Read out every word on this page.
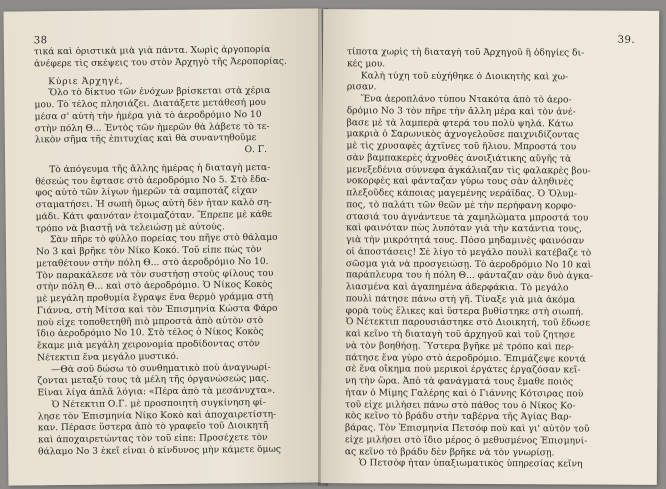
38
τικά καὶ ὁριστικὰ μιὰ γιὰ πάντα. Χωρὶς ἀργοπορία
ἀνέφερε τὶς σκέψεις του στὸν Ἀρχηγὸ τῆς Ἀεροπορίας.
Κύριε Ἀρχηγέ,
Ὅλο τὸ δίκτυο τῶν ἐνόχων βρίσκεται στὰ χέρια
μου. Τὸ τέλος πλησιάζει. Διατάξετε μετάθεσή μου
μέσα σ' αὐτὴ τὴν ἡμέρα γιὰ τὸ ἀεροδρόμιο Νο 10
στὴν πόλη Θ... Ἐντὸς τῶν ἡμερῶν θὰ λάβετε τὸ τε-
λικὸν σῆμα τῆς ἐπιτυχίας καὶ θὰ συναντηθοῦμε
Ο. Γ.
Τὸ ἀπόγευμα τῆς ἄλλης ἡμέρας ἡ διαταγὴ μετα-
θέσεώς του ἔφτασε στὸ ἀεροδρόμιο Νο 5. Στὸ ἔδα-
φος αὐτὸ τῶν λίγων ἡμερῶν τὰ σαμποτάζ εἶχαν
σταματήσει. Ἡ σωπὴ ὅμως αὐτὴ δὲν ἦταν καλὸ ση-
μάδι. Κάτι φαινόταν ἑτοιμαζόταν. Ἔπρεπε μὲ κάθε
τρόπο νὰ βιαστῇ νὰ τελειώσῃ μὲ αὐτούς.
Σὰν πῆρε τὸ φύλλο πορείας του πῆγε στὸ θάλαμο
Νο 3 καὶ βρῆκε τὸν Νίκο Κοκό. Τοῦ εἶπε πὼς τὸν
μεταθέτουν στὴν πόλη Θ... στὸ ἀεροδρόμιο Νο 10.
Τὸν παρακάλεσε νὰ τὸν συστήσῃ στοὺς φίλους του
στὴν πόλη Θ... καὶ στὸ ἀεροδρόμιο. Ὁ Νίκος Κοκὸς
μὲ μεγάλη προθυμία ἔγραψε ἕνα θερμὸ γράμμα στὴ
Γιάννα, στὴ Μίτσα καὶ τὸν Ἐπισμηνία Κώστα Φάρο
ποὺ εἶχε τοποθετηθῆ πιὸ μπροστὰ ἀπὸ αὐτὸν στὸ
ἴδιο ἀεροδρόμιο Νο 10. Στὸ τέλος ὁ Νίκος Κοκὸς
ἔκαμε μιὰ μεγάλη χειρονομία προδίδοντας στὸν
Νέτεκτιπ ἕνα μεγάλο μυστικό.
—Θὰ σοῦ δώσω τὸ συνθηματικὸ ποὺ ἀναγνωρί-
ζονται μεταξύ τους τὰ μέλη τῆς ὀργανώσεώς μας.
Εἶναι λίγα ἁπλᾶ λόγια: «Πέρα ἀπὸ τὰ μεσάνυχτα».
Ὁ Νέτεκτιπ Ο.Γ. μὲ προσποιητὴ συγκίνηση φί-
λησε τὸν Ἐπισμηνία Νίκο Κοκὸ καὶ ἀποχαιρετίστη-
καν. Πέρασε ὕστερα ἀπὸ τὸ γραφεῖο τοῦ Διοικητῆ
καὶ ἀποχαιρετώντας τὸν τοῦ εἶπε: Προσέχετε τὸν
θάλαμο Νο 3 ἐκεῖ εἶναι ὁ κίνδυνος μὴν κάμετε ὅμως
39.
τίποτα χωρὶς τὴ διαταγὴ τοῦ Ἀρχηγοῦ ἢ ὁδηγίες δι-
κές μου.
Καλὴ τύχη τοῦ εὐχήθηκε ὁ Διοικητὴς καὶ χω-
ρισαν.
Ἕνα ἀεροπλάνο τύπου Ντακότα ἀπὸ τὸ ἀερο-
δρόμιο Νο 3 τὸν πῆρε τὴν ἄλλη μέρα καὶ τὸν ἀνέ-
βασε μὲ τὰ λαμπερὰ φτερά του πολὺ ψηλά. Κάτω
μακριὰ ὁ Σαρωνικὸς ἀχνογελοῦσε παιχνιδίζοντας
μὲ τὶς χρυσαφὲς ἀχτῖνες τοῦ ἥλιου. Μπροστά του
σὰν βαμπακερὲς ἀχνοθὲς ἀνοιξιάτικης αὔγῆς τὰ
μενεξεδένια σύννεφα ἀγκάλιαζαν τὶς φαλακρὲς βου-
νοκορφὲς καὶ φάνταζαν γύρω τους σὰν ἀληθινὲς
πλεξοῦδες κάποιας μαγεμένης νεράϊδας. Ὁ Ὄλυμ-
πος, τὸ παλάτι τῶν θεῶν μὲ τὴν περήφανη κορφο-
στασιά του ἀγνάντευε τὰ χαμηλώματα μπροστά του
καὶ φαινόταν πὼς λυπόταν γιὰ τὴν κατάντια τους,
γιὰ τὴν μικρότητά τους. Πόσο μηδαμινὲς φαινόσαν
οἱ ἀποστάσεις! Σὲ λίγο τὸ μεγάλο πουλὶ κατέβαζε τὸ
σῶσμα γιὰ νὰ προσγειώσῃ. Τὸ ἀεροδρόμιο Νο 10 καὶ
παράπλευρα του ἡ πόλη Θ... φάνταζαν σὰν δυὸ ἀγκα-
λιασμένα καὶ ἀγαπημένα ἀδερφάκια. Τὸ μεγάλο
πουλὶ πάτησε πάνω στὴ γῆ. Τίναξε γιὰ μιὰ ἀκόμα
φορὰ τοὺς ἕλικες καὶ ὕστερα βυθίστηκε στὴ σιωπή.
Ὁ Νέτεκτιπ παρουσιάστηκε στὸ Διοικητή, τοῦ ἔδωσε
καὶ κεῖνο τὴ διαταγὴ τοῦ ἀρχηγοῦ καὶ τοῦ ζητησε
νὰ τὸν βοηθήσῃ. Ὕστερα βγῆκε μὲ τρόπο καὶ περ-
πάτησε ἕνα γύρο στὸ ἀεροδρόμιο. Ἐπιμάζεψε κοντά
σὲ ἕνα οἴκημα ποὺ μερικοὶ ἐργάτες ἐργαζόσαν κεῖ-
νη τὴν ὥρα. Ἀπὸ τὰ φανάγματά τους ἔμαθε ποιὸς
ἦταν ὁ Μίμης Γαλέρης καὶ ὁ Γιάννης Κότσιρας ποὺ
τοῦ εἶχε μιλήσει πάνω στὸ πάθος του ὁ Νίκος Κο-
κὸς κεῖνο τὸ βράδυ στὴν ταβέρνα τῆς Ἁγίας Βαρ-
βάρας. Τὸν Ἐπισμηνία Πετσόφ ποὺ καὶ γι' αὐτὸν τοῦ
εἶχε μιλήσει στὸ ἴδιο μέρος ὁ μεθυσμένος Ἐπισμηνί-
ας κεῖνο τὸ βράδυ δὲν βρῆκε νὰ τὸν γνωρίσῃ.
Ὁ Πετσὸφ ἦταν ὑπαξιωματικὸς ὑπηρεσίας κεῖνη
